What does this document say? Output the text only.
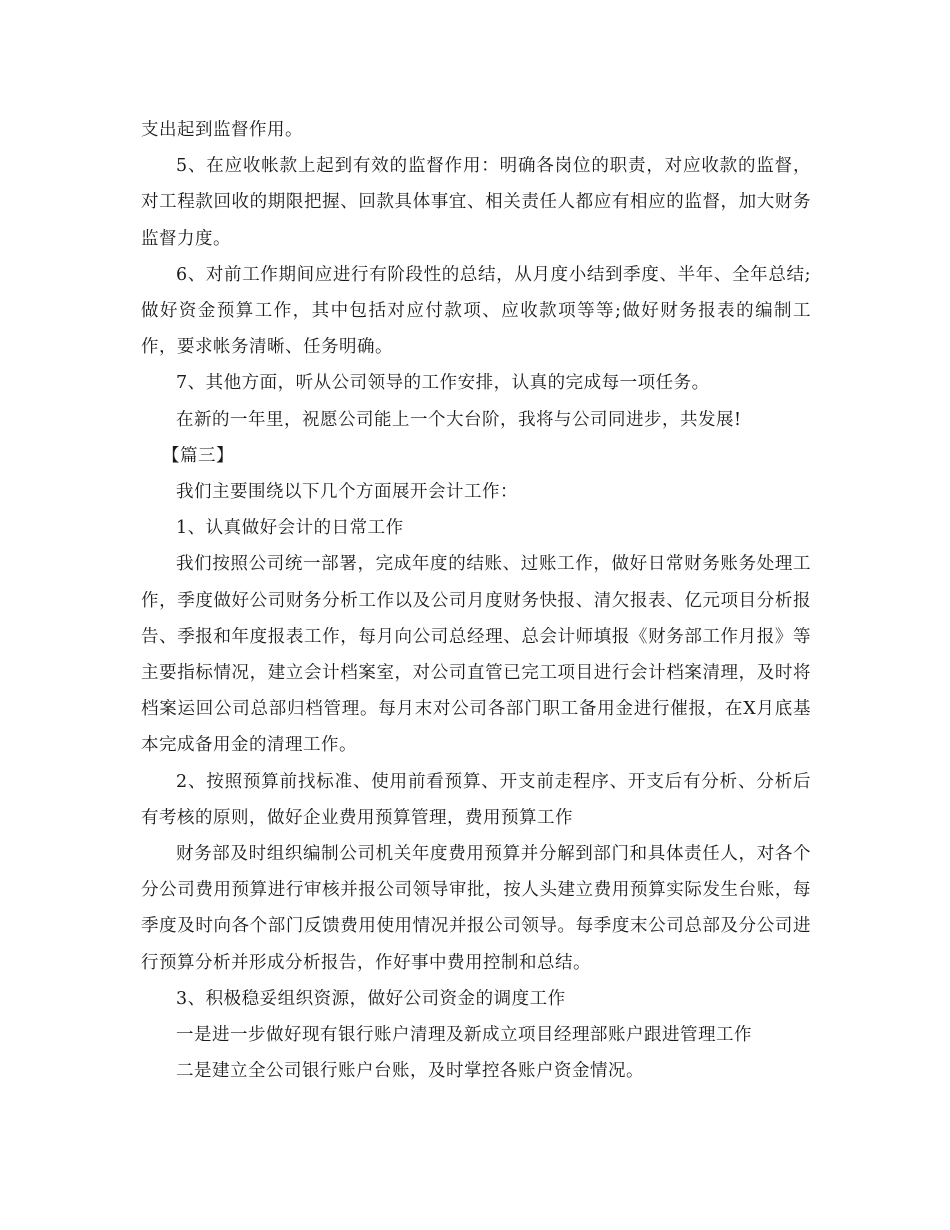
支出起到监督作用。

5、在应收帐款上起到有效的监督作用：明确各岗位的职责，对应收款的监督，对工程款回收的期限把握、回款具体事宜、相关责任人都应有相应的监督，加大财务监督力度。

6、对前工作期间应进行有阶段性的总结，从月度小结到季度、半年、全年总结;做好资金预算工作，其中包括对应付款项、应收款项等等;做好财务报表的编制工作，要求帐务清晰、任务明确。

7、其他方面，听从公司领导的工作安排，认真的完成每一项任务。

在新的一年里，祝愿公司能上一个大台阶，我将与公司同进步，共发展!

【篇三】

我们主要围绕以下几个方面展开会计工作：

1、认真做好会计的日常工作

我们按照公司统一部署，完成年度的结账、过账工作，做好日常财务账务处理工作，季度做好公司财务分析工作以及公司月度财务快报、清欠报表、亿元项目分析报告、季报和年度报表工作，每月向公司总经理、总会计师填报《财务部工作月报》等主要指标情况，建立会计档案室，对公司直管已完工项目进行会计档案清理，及时将档案运回公司总部归档管理。每月末对公司各部门职工备用金进行催报，在X月底基本完成备用金的清理工作。

2、按照预算前找标准、使用前看预算、开支前走程序、开支后有分析、分析后有考核的原则，做好企业费用预算管理，费用预算工作

财务部及时组织编制公司机关年度费用预算并分解到部门和具体责任人，对各个分公司费用预算进行审核并报公司领导审批，按人头建立费用预算实际发生台账，每季度及时向各个部门反馈费用使用情况并报公司领导。每季度末公司总部及分公司进行预算分析并形成分析报告，作好事中费用控制和总结。

3、积极稳妥组织资源，做好公司资金的调度工作

一是进一步做好现有银行账户清理及新成立项目经理部账户跟进管理工作

二是建立全公司银行账户台账，及时掌控各账户资金情况。
